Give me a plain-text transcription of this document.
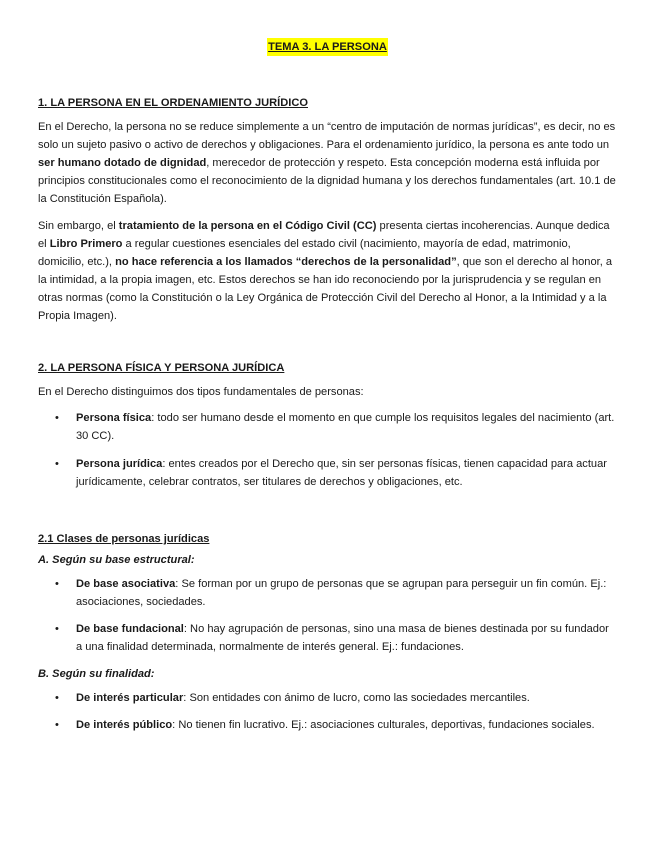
TEMA 3. LA PERSONA
1. LA PERSONA EN EL ORDENAMIENTO JURÍDICO

En el Derecho, la persona no se reduce simplemente a un “centro de imputación de normas jurídicas”, es decir, no es solo un sujeto pasivo o activo de derechos y obligaciones. Para el ordenamiento jurídico, la persona es ante todo un ser humano dotado de dignidad, merecedor de protección y respeto. Esta concepción moderna está influida por principios constitucionales como el reconocimiento de la dignidad humana y los derechos fundamentales (art. 10.1 de la Constitución Española).

Sin embargo, el tratamiento de la persona en el Código Civil (CC) presenta ciertas incoherencias. Aunque dedica el Libro Primero a regular cuestiones esenciales del estado civil (nacimiento, mayoría de edad, matrimonio, domicilio, etc.), no hace referencia a los llamados “derechos de la personalidad”, que son el derecho al honor, a la intimidad, a la propia imagen, etc. Estos derechos se han ido reconociendo por la jurisprudencia y se regulan en otras normas (como la Constitución o la Ley Orgánica de Protección Civil del Derecho al Honor, a la Intimidad y a la Propia Imagen).

2. LA PERSONA FÍSICA Y PERSONA JURÍDICA

En el Derecho distinguimos dos tipos fundamentales de personas:

• Persona física: todo ser humano desde el momento en que cumple los requisitos legales del nacimiento (art. 30 CC).
• Persona jurídica: entes creados por el Derecho que, sin ser personas físicas, tienen capacidad para actuar jurídicamente, celebrar contratos, ser titulares de derechos y obligaciones, etc.
2.1 Clases de personas jurídicas
A. Según su base estructural:
• De base asociativa: Se forman por un grupo de personas que se agrupan para perseguir un fin común. Ej.: asociaciones, sociedades.
• De base fundacional: No hay agrupación de personas, sino una masa de bienes destinada por su fundador a una finalidad determinada, normalmente de interés general. Ej.: fundaciones.
B. Según su finalidad:
• De interés particular: Son entidades con ánimo de lucro, como las sociedades mercantiles.
• De interés público: No tienen fin lucrativo. Ej.: asociaciones culturales, deportivas, fundaciones sociales.
